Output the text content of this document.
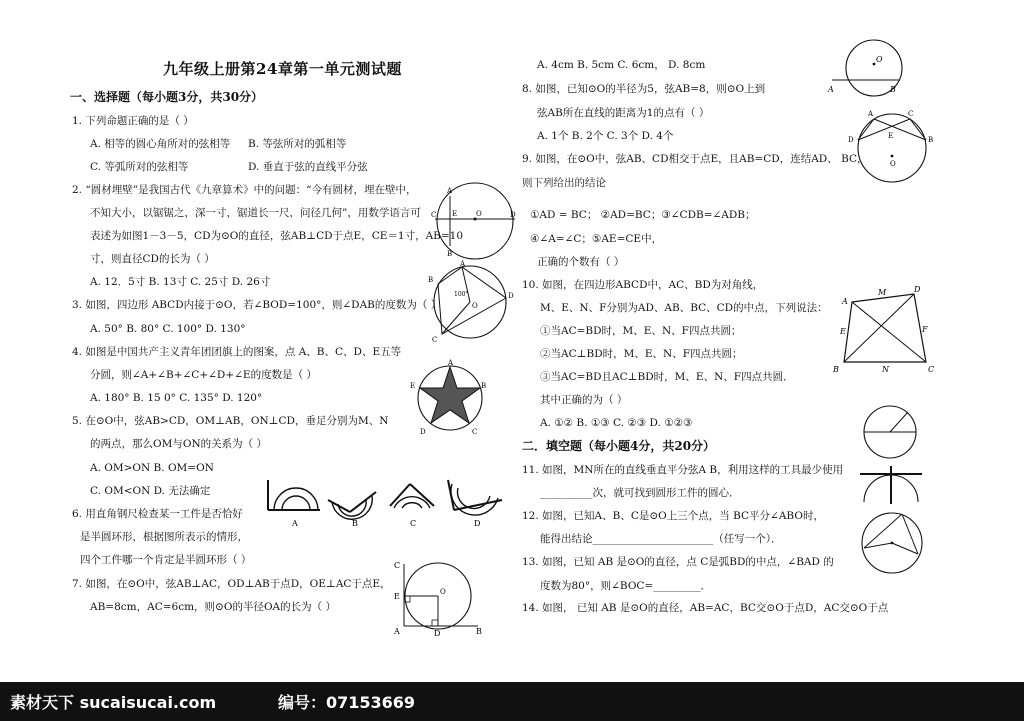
九年级上册第24章第一单元测试题
一、选择题（每小题3分，共30分）
1. 下列命题正确的是（ ）
A. 相等的圆心角所对的弦相等 B. 等弦所对的弧相等
C. 等弧所对的弦相等	D. 垂直于弦的直线平分弦
2. “圆材埋壁”是我国古代《九章算术》中的问题：“今有圆材，埋在壁中，
不知大小，以锯锯之，深一寸，锯道长一尺，问径几何”，用数学语言可
表述为如图1－3－5，CD为⊙O的直径，弦AB⊥CD于点E，CE＝1寸，AB=10
寸，则直径CD的长为（ ）
A. 12．5寸 B. 13寸 C. 25寸 D. 26寸
3. 如图，四边形 ABCD内接于⊙O，若∠BOD=100°，则∠DAB的度数为（ ）
A. 50° B. 80° C. 100° D. 130°
4. 如图是中国共产主义青年团团旗上的图案，点 A、B、C、D、E五等
分圆，则∠A+∠B+∠C+∠D+∠E的度数是（ ）
A. 180° B. 15 0° C. 135° D. 120°
5. 在⊙O中，弦AB>CD，OM⊥AB，ON⊥CD，垂足分别为M、N
的两点，那么OM与ON的关系为（ ）
A. OM>ON B. OM=ON
C. OM<ON D. 无法确定
6. 用直角钢尺检查某一工件是否恰好
是半圆环形，根据图所表示的情形，
四个工件哪一个肯定是半圆环形（ ）
7. 如图，在⊙O中，弦AB⊥AC，OD⊥AB于点D，OE⊥AC于点E，
AB=8cm，AC=6cm，则⊙O的半径OA的长为（ ）
A. 4cm B. 5cm C. 6cm， D. 8cm
8. 如图，已知⊙O的半径为5，弦AB=8，则⊙O上到
弦AB所在直线的距离为1的点有（ ）
A. 1个 B. 2个 C. 3个 D. 4个
9. 如图，在⊙O中，弦AB、CD相交于点E，且AB=CD，连结AD、 BC，
则下列给出的结论
①AD = BC； ②AD=BC；③∠CDB=∠ADB；
④∠A=∠C；⑤AE=CE中，
正确的个数有（ ）
10. 如图，在四边形ABCD中，AC、BD为对角线，
M、E、N、F分别为AD、AB、BC、CD的中点，下列说法：
①当AC=BD时，M、E、N、F四点共圆；
②当AC⊥BD时，M、E、N、F四点共圆；
③当AC=BD且AC⊥BD时，M、E、N、F四点共圆．
其中正确的为（ ）
A. ①② B. ①③ C. ②③ D. ①②③
二．填空题（每小题4分，共20分）
11. 如图，MN所在的直线垂直平分弦A B，利用这样的工具最少使用
__________次，就可找到圆形工件的圆心．
12. 如图，已知A、B、C是⊙O上三个点，当 BC平分∠ABO时，
能得出结论_______________________（任写一个）．
13. 如图，已知 AB 是⊙O的直径，点 C是弧BD的中点，∠BAD 的
度数为80°，则∠BOC=_________．
14. 如图， 已知 AB 是⊙O的直径，AB=AC，BC交⊙O于点D，AC交⊙O于点
C	O
E	D
A
B
B
A
D
C
O
100°
E
A
B
D	C
A	B	C	D
C
E
A	D	B
O
O
A	B
A	C
D	B
E
O
A
M	D
E	F
B	N	C
素材天下 sucaisucai.com	编号：07153669
